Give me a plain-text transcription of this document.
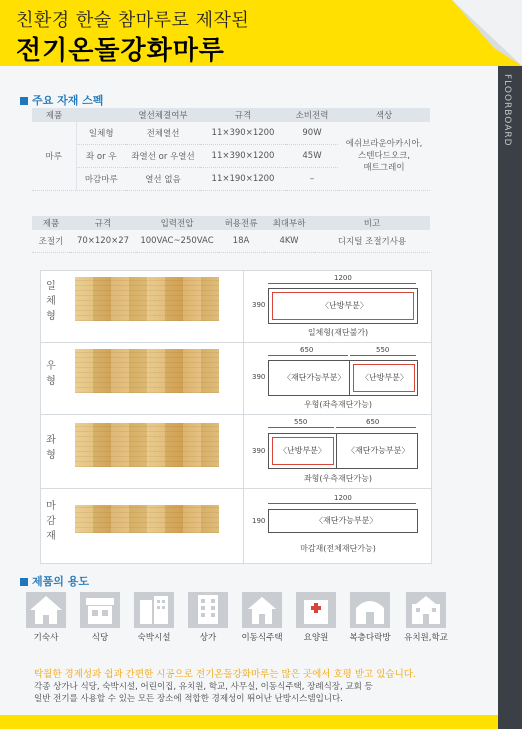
친환경 한술 참마루로 제작된
전기온돌강화마루
FLOORBOARD
주요 자재 스펙
제품		열선체결여부	규격	소비전력	색상
마루	일체형	전체열선	11×390×1200	90W	에쉬브라운아카시아,
스텐다드오크,
매트그레이

	좌 or 우	좌열선 or 우열선	11×390×1200	45W	
	마감마루	열선 없음	11×190×1200	–	
제품	규격	입력전압	허용전류	최대부하	비고
조절기	70×120×27	100VAC~250VAC	18A	4KW	디지털 조절기사용
일
체
형
1200
390	〈난방부분〉
일체형(재단불가)
우
형
650	550
390 〈재단가능부분〉 〈난방부분〉
우형(좌측재단가능)
좌
형
550	650
390 〈난방부분〉	〈재단가능부분〉
좌형(우측재단가능)
마
감
재
1200
190	〈재단가능부분〉
마감재(전체재단가능)
제품의 용도
기숙사	식당	숙박시설	상가	이동식주택	요양원	복층다락방	유치원,학교
탁월한 경제성과 쉽과 간편한 시공으로 전기온돌강화마루는 많은 곳에서 호평 받고 있습니다.
각종 상가나 식당, 숙박시설, 어린이집, 유치원, 학교, 사무실, 이동식주택, 장례식장, 교회 등
일반 전기를 사용할 수 있는 모든 장소에 적합한 경제성이 뛰어난 난방시스템입니다.
